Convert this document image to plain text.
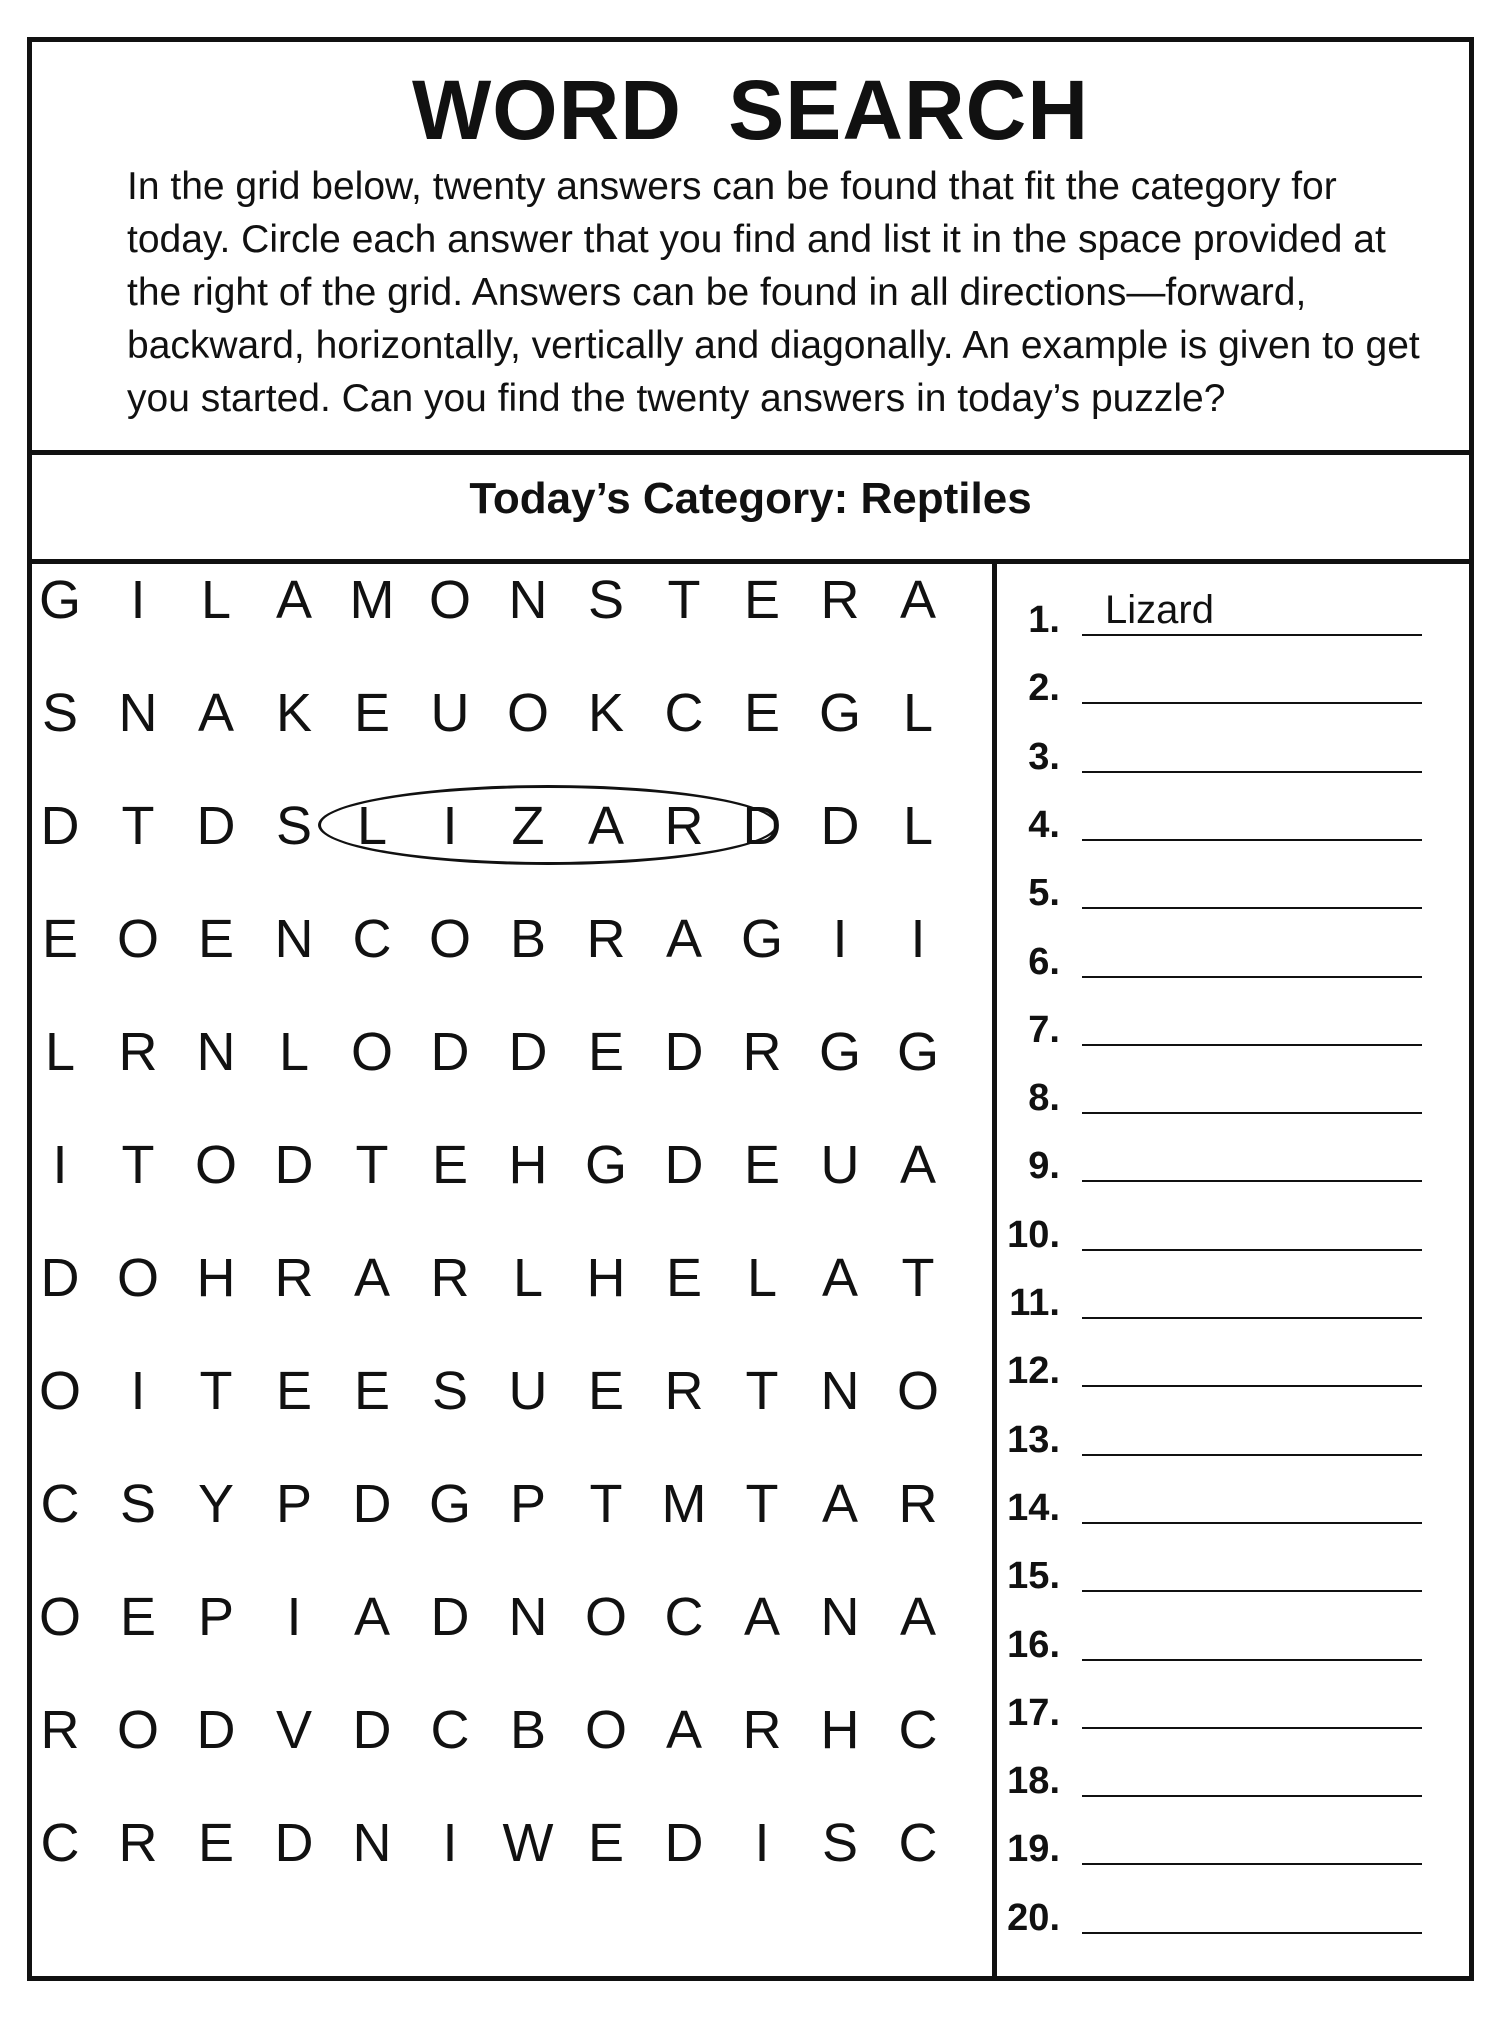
WORD SEARCH
In the grid below, twenty answers can be found that fit the category for today. Circle each answer that you find and list it in the space provided at the right of the grid. Answers can be found in all directions—forward, backward, horizontally, vertically and diagonally. An example is given to get you started. Can you find the twenty answers in today’s puzzle?
Today’s Category: Reptiles
G I	L A M O N S T E R A
S N A K E U O K C E G L
D T D S L	I	Z A R D D L
E O E N C O B R A G I	I
L R N L O D D E D R G G
I	T O D T E H G D E U A
D O H R A R L H E L A T
O I	T E E S U E R T N O
C S Y P D G P T M T A R
O E P I A D N O C A N A
R O D V D C B O A R H C
C R E D N I W E D I S C
1. Lizard
2.
3.
4.
5.
6.
7.
8.
9.
10.
11.
12.
13.
14.
15.
16.
17.
18.
19.
20.
